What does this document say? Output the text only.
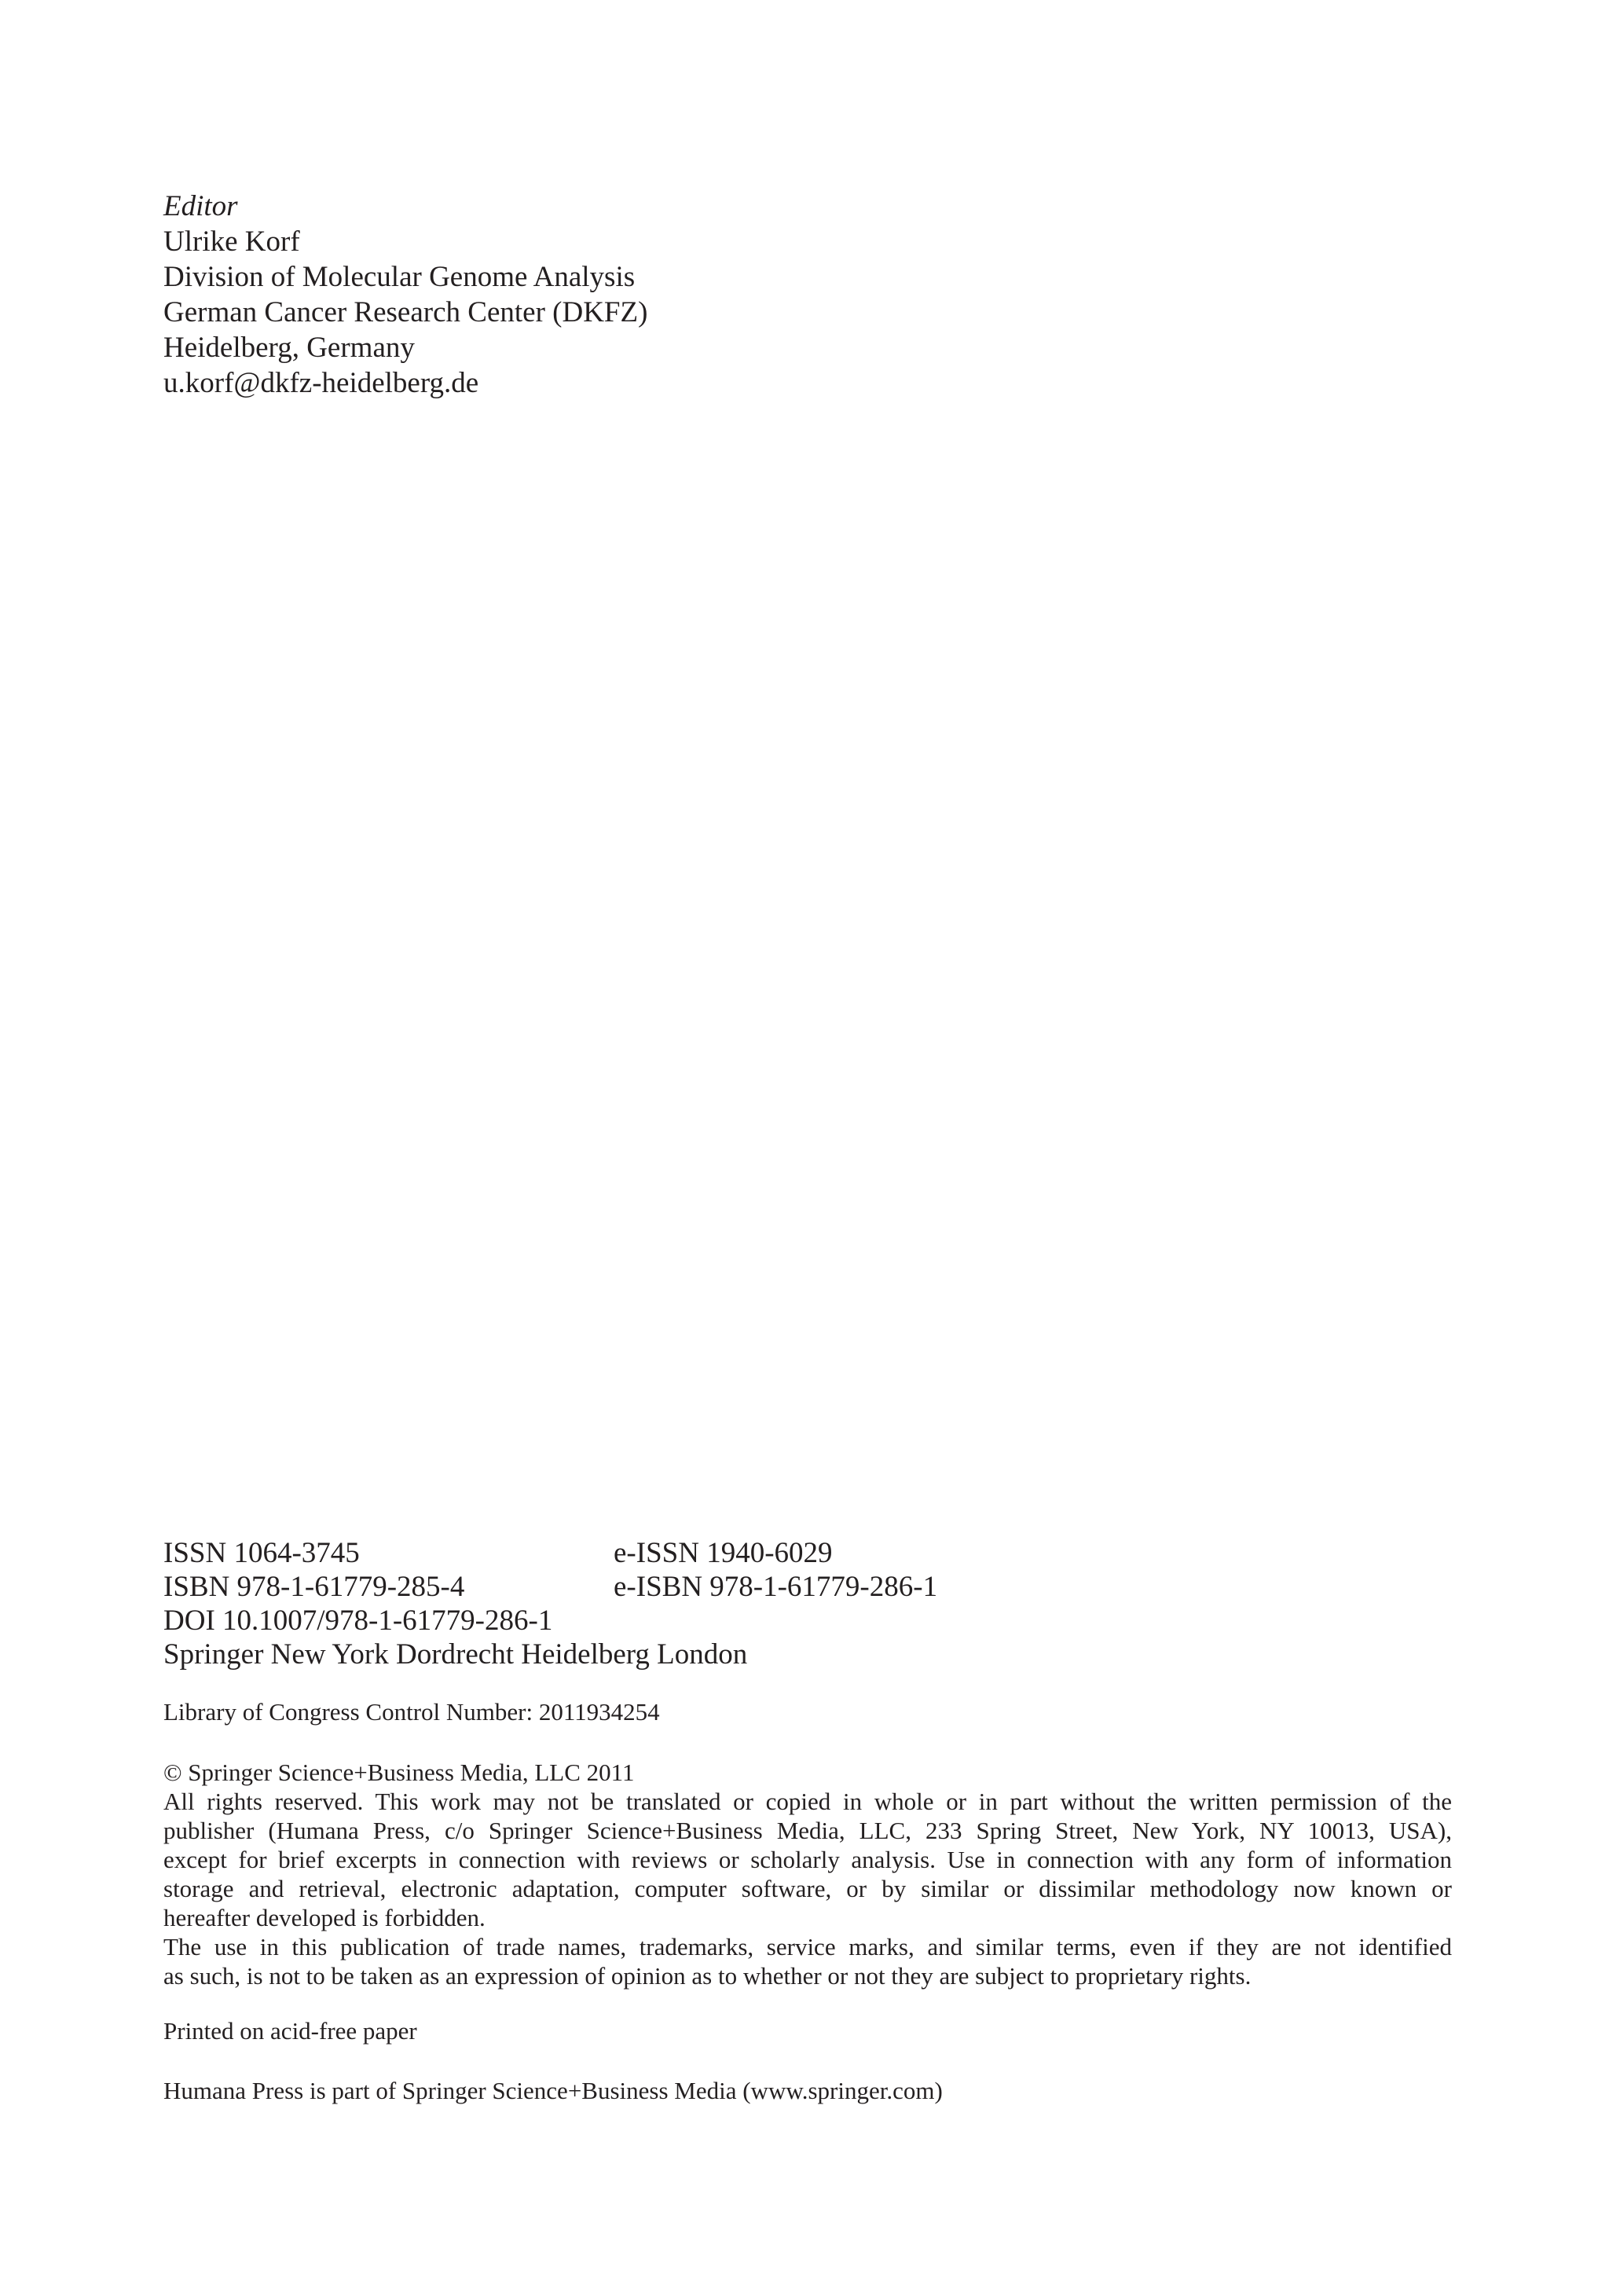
Editor
Ulrike Korf
Division of Molecular Genome Analysis
German Cancer Research Center (DKFZ)
Heidelberg, Germany
u.korf@dkfz-heidelberg.de
ISSN 1064-3745	e-ISSN 1940-6029
ISBN 978-1-61779-285-4	e-ISBN 978-1-61779-286-1
DOI 10.1007/978-1-61779-286-1
Springer New York Dordrecht Heidelberg London
Library of Congress Control Number: 2011934254

© Springer Science+Business Media, LLC 2011

All rights reserved. This work may not be translated or copied in whole or in part without the written permission of the

publisher (Humana Press, c/o Springer Science+Business Media, LLC, 233 Spring Street, New York, NY 10013, USA),

except for brief excerpts in connection with reviews or scholarly analysis. Use in connection with any form of information

storage and retrieval, electronic adaptation, computer software, or by similar or dissimilar methodology now known or

hereafter developed is forbidden.

The use in this publication of trade names, trademarks, service marks, and similar terms, even if they are not identified

as such, is not to be taken as an expression of opinion as to whether or not they are subject to proprietary rights.

Printed on acid-free paper
Humana Press is part of Springer Science+Business Media (www.springer.com)
